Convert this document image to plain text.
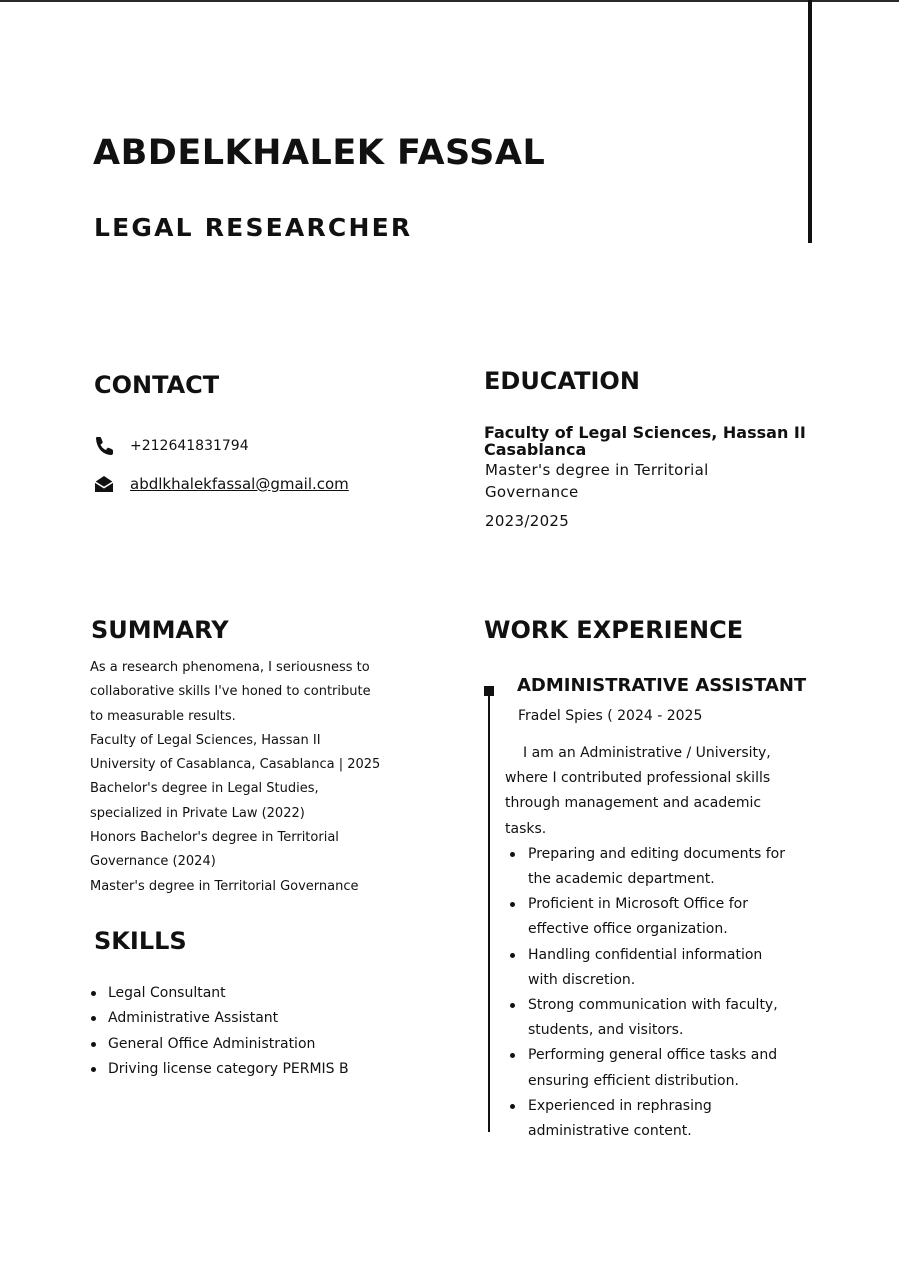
ABDELKHALEK FASSAL
LEGAL RESEARCHER
CONTACT
+212641831794
abdlkhalekfassal@gmail.com
EDUCATION

Faculty of Legal Sciences, Hassan II Casablanca

Master's degree in Territorial Governance

2023/2025

SUMMARY
As a research phenomena, I seriousness to
collaborative skills I've honed to contribute
to measurable results.
Faculty of Legal Sciences, Hassan II
University of Casablanca, Casablanca | 2025
Bachelor's degree in Legal Studies,
specialized in Private Law (2022)
Honors Bachelor's degree in Territorial
Governance (2024)
Master's degree in Territorial Governance
SKILLS
Legal Consultant
Administrative Assistant
General Office Administration
Driving license category PERMIS B
WORK EXPERIENCE

ADMINISTRATIVE ASSISTANT

Fradel Spies ( 2024 - 2025

I am an Administrative / University,
where I contributed professional skills
through management and academic
tasks.
Preparing and editing documents for
the academic department.
Proficient in Microsoft Office for
effective office organization.
Handling confidential information
with discretion.
Strong communication with faculty,
students, and visitors.
Performing general office tasks and
ensuring efficient distribution.
Experienced in rephrasing
administrative content.
